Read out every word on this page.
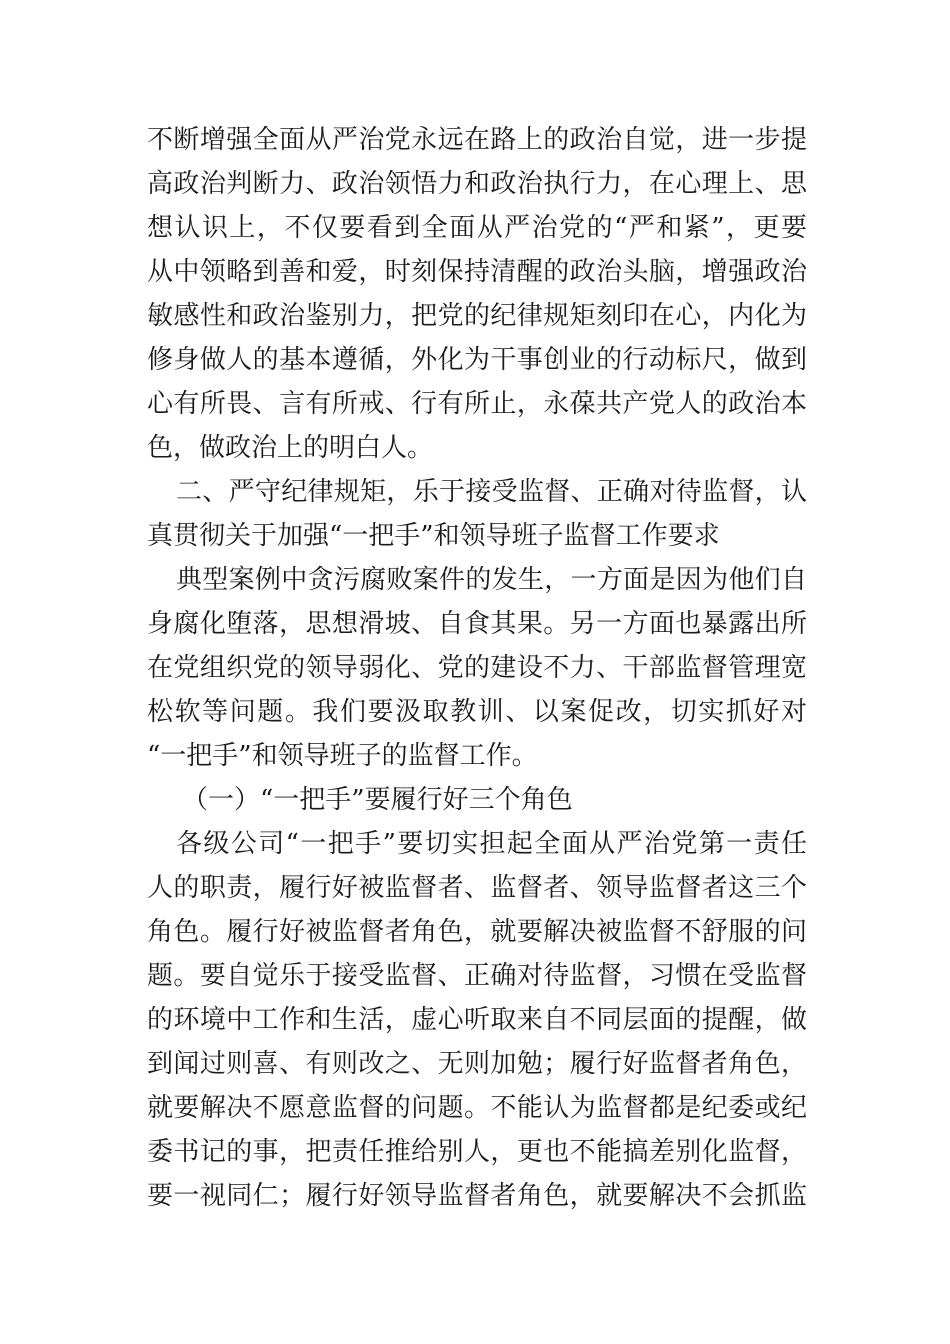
不断增强全面从严治党永远在路上的政治自觉，进一步提
高政治判断力、政治领悟力和政治执行力，在心理上、思
想认识上，不仅要看到全面从严治党的“严和紧”，更要
从中领略到善和爱，时刻保持清醒的政治头脑，增强政治
敏感性和政治鉴别力，把党的纪律规矩刻印在心，内化为
修身做人的基本遵循，外化为干事创业的行动标尺，做到
心有所畏、言有所戒、行有所止，永葆共产党人的政治本
色，做政治上的明白人。
二、严守纪律规矩，乐于接受监督、正确对待监督，认
真贯彻关于加强“一把手”和领导班子监督工作要求
典型案例中贪污腐败案件的发生，一方面是因为他们自
身腐化堕落，思想滑坡、自食其果。另一方面也暴露出所
在党组织党的领导弱化、党的建设不力、干部监督管理宽
松软等问题。我们要汲取教训、以案促改，切实抓好对
“一把手”和领导班子的监督工作。
（一）“一把手”要履行好三个角色
各级公司“一把手”要切实担起全面从严治党第一责任
人的职责，履行好被监督者、监督者、领导监督者这三个
角色。履行好被监督者角色，就要解决被监督不舒服的问
题。要自觉乐于接受监督、正确对待监督，习惯在受监督
的环境中工作和生活，虚心听取来自不同层面的提醒，做
到闻过则喜、有则改之、无则加勉；履行好监督者角色，
就要解决不愿意监督的问题。不能认为监督都是纪委或纪
委书记的事，把责任推给别人，更也不能搞差别化监督，
要一视同仁；履行好领导监督者角色，就要解决不会抓监
